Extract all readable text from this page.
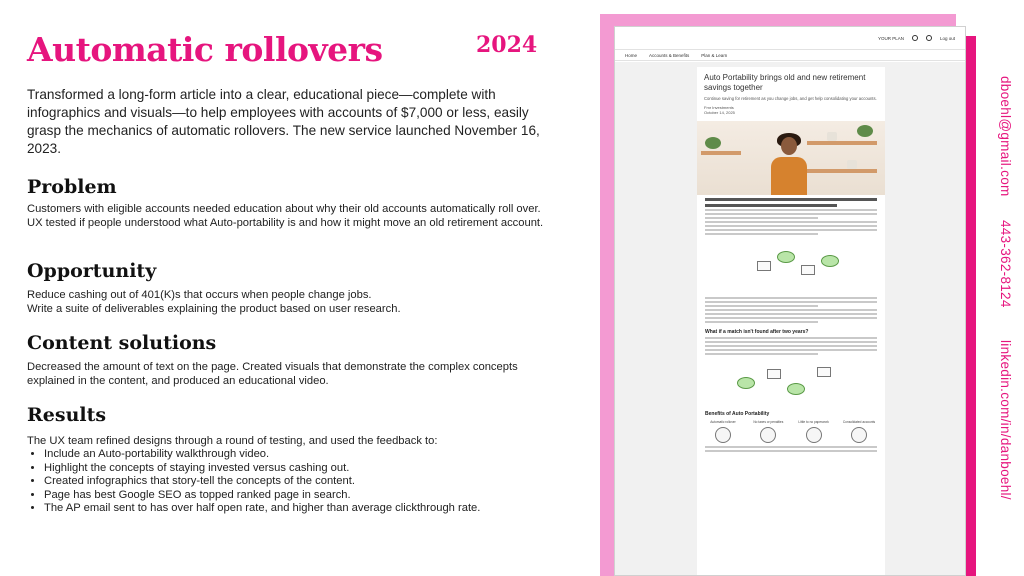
Automatic rollovers	2024
Transformed a long-form article into a clear, educational piece—complete with infographics and visuals—to help employees with accounts of $7,000 or less, easily grasp the mechanics of automatic rollovers. The new service launched November 16, 2023.
Problem
Customers with eligible accounts needed education about why their old accounts automatically roll over. UX tested if people understood what Auto-portability is and how it might move an old retirement account.
Opportunity
Reduce cashing out of 401(K)s that occurs when people change jobs.
Write a suite of deliverables explaining the product based on user research.
Content solutions
Decreased the amount of text on the page. Created visuals that demonstrate the complex concepts explained in the content, and produced an educational video.
Results
The UX team refined designs through a round of testing, and used the feedback to:
• Include an Auto-portability walkthrough video.
• Highlight the concepts of staying invested versus cashing out.
• Created infographics that story-tell the concepts of the content.
• Page has best Google SEO as topped ranked page in search.
• The AP email sent to has over half open rate, and higher than average clickthrough rate.
YOUR PLAN	Log out
Home	Accounts & Benefits	Plan & Learn
Auto Portability brings old and new retirement savings together
Continue saving for retirement as you change jobs, and get help consolidating your accounts.
Fmr Investments
October 14, 2025
What if a match isn't found after two years?
Benefits of Auto Portability
Automatic rollover	No taxes or penalties	Little to no paperwork	Consolidated accounts
dboehl@gmail.com
443-362-8124
linkedin.com/in/danboehl/
